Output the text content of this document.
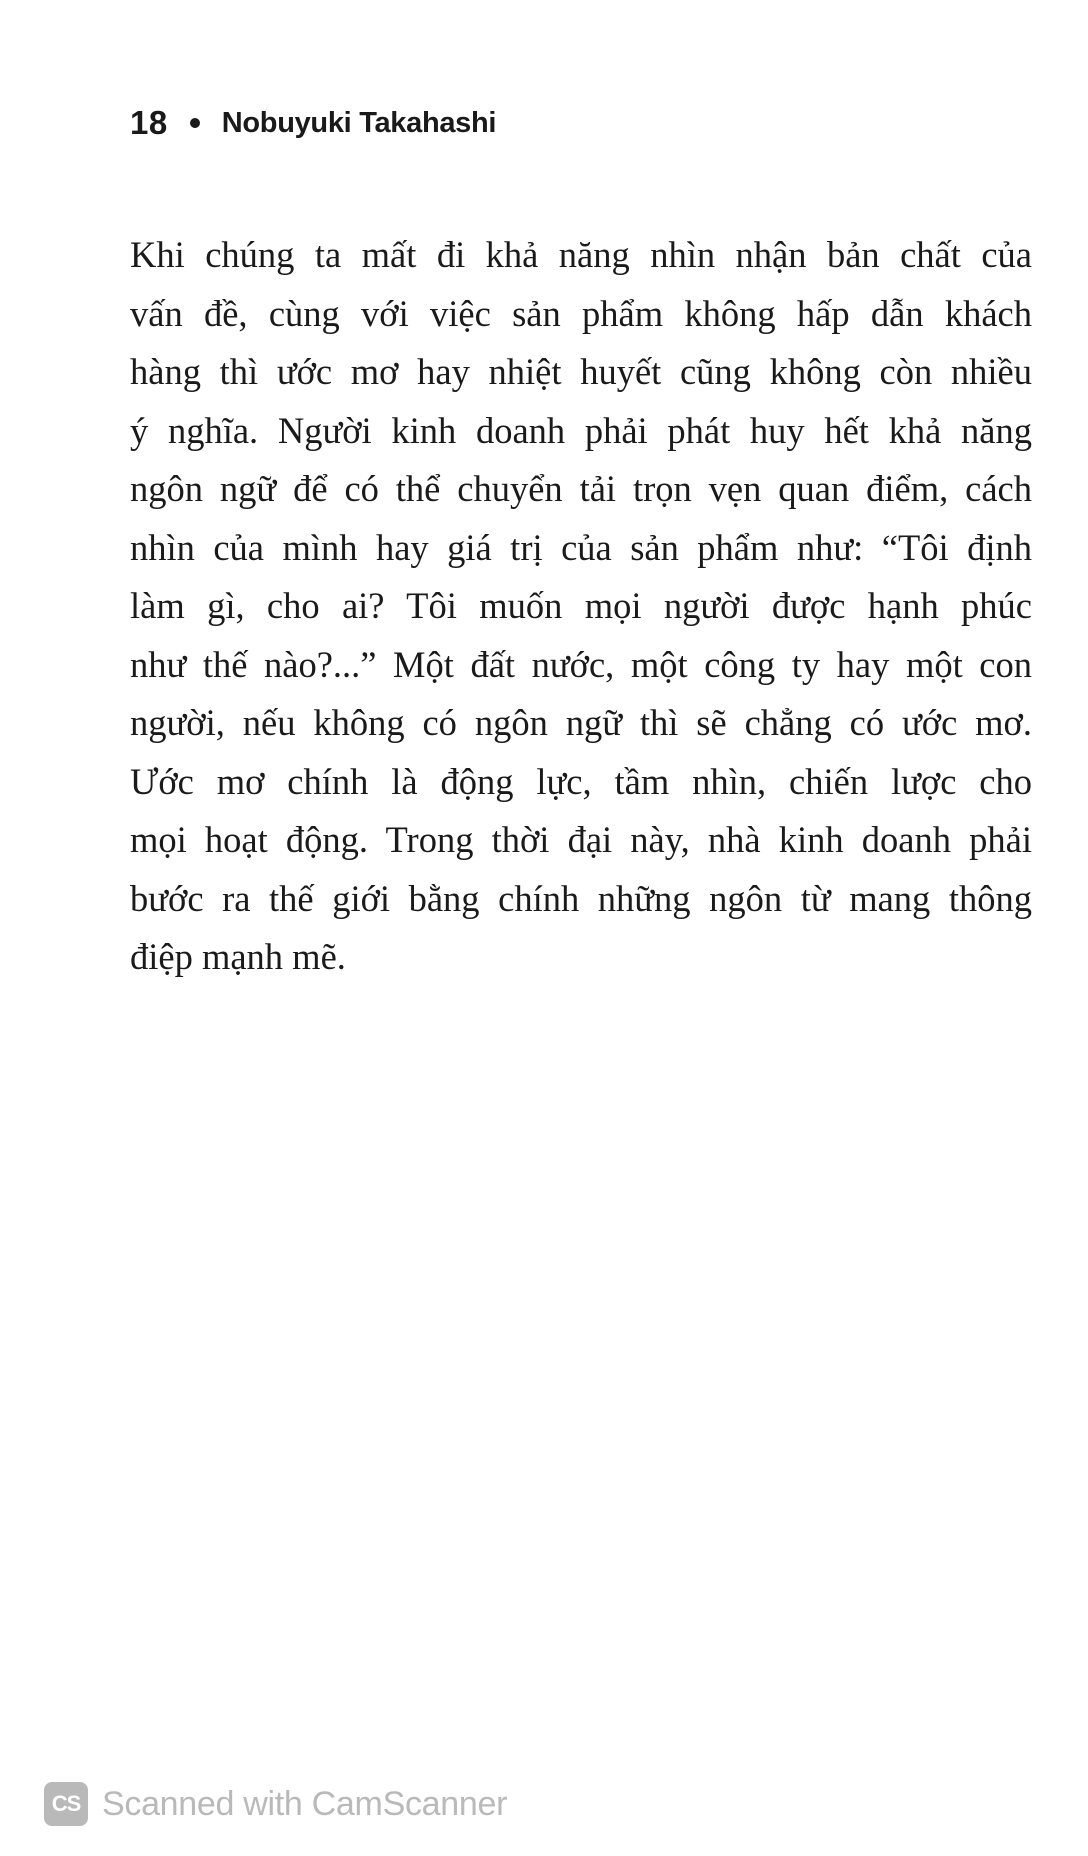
18 Nobuyuki Takahashi
Khi chúng ta mất đi khả năng nhìn nhận bản chất của
vấn đề, cùng với việc sản phẩm không hấp dẫn khách
hàng thì ước mơ hay nhiệt huyết cũng không còn nhiều
ý nghĩa. Người kinh doanh phải phát huy hết khả năng
ngôn ngữ để có thể chuyển tải trọn vẹn quan điểm, cách
nhìn của mình hay giá trị của sản phẩm như: “Tôi định
làm gì, cho ai? Tôi muốn mọi người được hạnh phúc
như thế nào?...” Một đất nước, một công ty hay một con
người, nếu không có ngôn ngữ thì sẽ chẳng có ước mơ.
Ước mơ chính là động lực, tầm nhìn, chiến lược cho
mọi hoạt động. Trong thời đại này, nhà kinh doanh phải
bước ra thế giới bằng chính những ngôn từ mang thông
điệp mạnh mẽ.
CS Scanned with CamScanner
